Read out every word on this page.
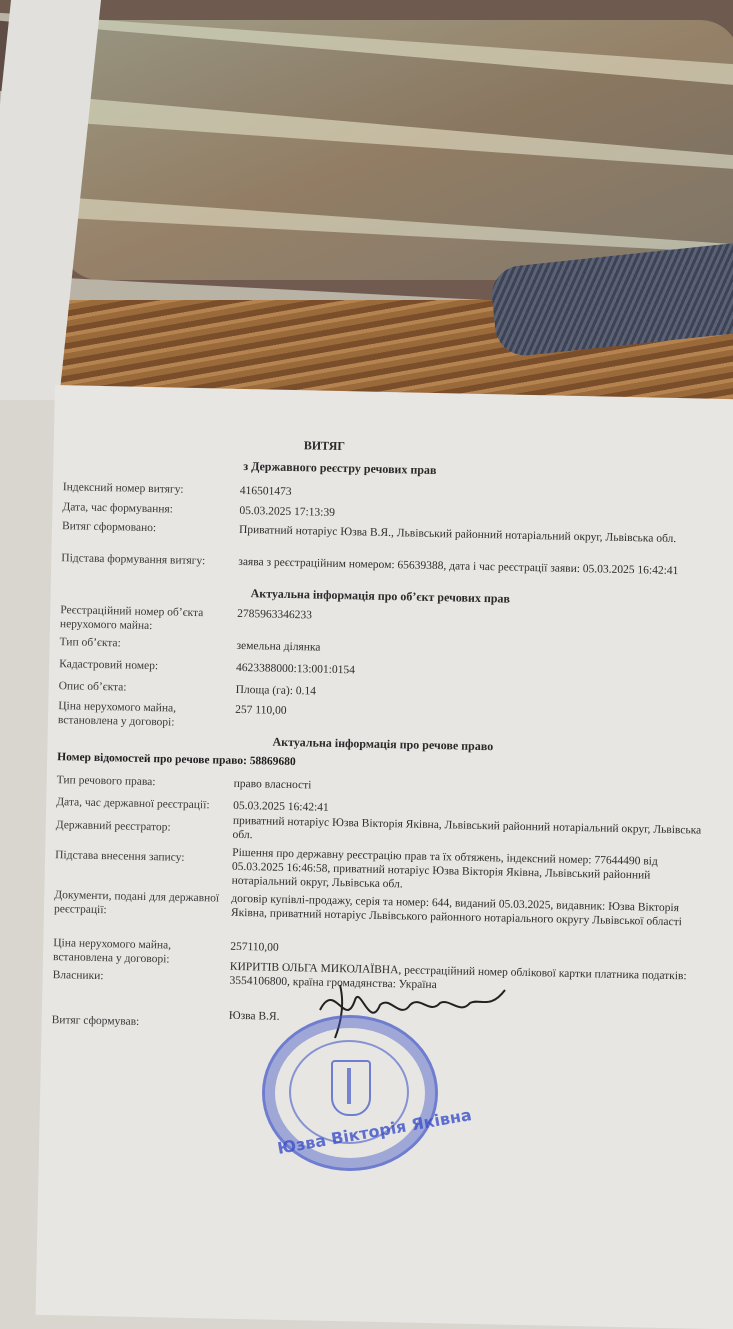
ВИТЯГ
з Державного реєстру речових прав
Індексний номер витягу:	416501473
Дата, час формування:	05.03.2025 17:13:39
Витяг сформовано:	Приватний нотаріус Юзва В.Я., Львівський районний нотаріальний округ, Львівська обл.
Підстава формування витягу:	заява з реєстраційним номером: 65639388, дата і час реєстрації заяви: 05.03.2025 16:42:41
Актуальна інформація про об’єкт речових прав
Реєстраційний номер об’єкта нерухомого майна:
2785963346233
Тип об’єкта:	земельна ділянка
Кадастровий номер:	4623388000:13:001:0154
Опис об’єкта:	Площа (га): 0.14
Ціна нерухомого майна, встановлена у договорі:
257 110,00
Актуальна інформація про речове право
Номер відомостей про речове право: 58869680
Тип речового права:	право власності
Дата, час державної реєстрації:	05.03.2025 16:42:41
Державний реєстратор:	приватний нотаріус Юзва Вікторія Яківна, Львівський районний нотаріальний округ, Львівська обл.
Підстава внесення запису:	Рішення про державну реєстрацію прав та їх обтяжень, індексний номер: 77644490 від 05.03.2025 16:46:58, приватний нотаріус Юзва Вікторія Яківна, Львівський районний нотаріальний округ, Львівська обл.
Документи, подані для державної реєстрації:	договір купівлі-продажу, серія та номер: 644, виданий 05.03.2025, видавник: Юзва Вікторія Яківна, приватний нотаріус Львівського районного нотаріального округу Львівської області
Ціна нерухомого майна, встановлена у договорі:
257110,00
Власники:	КИРИТІВ ОЛЬГА МИКОЛАЇВНА, реєстраційний номер облікової картки платника податків: 3554106800, країна громадянства: Україна
Витяг сформував:	Юзва В.Я.
Юзва Вікторія Яківна
